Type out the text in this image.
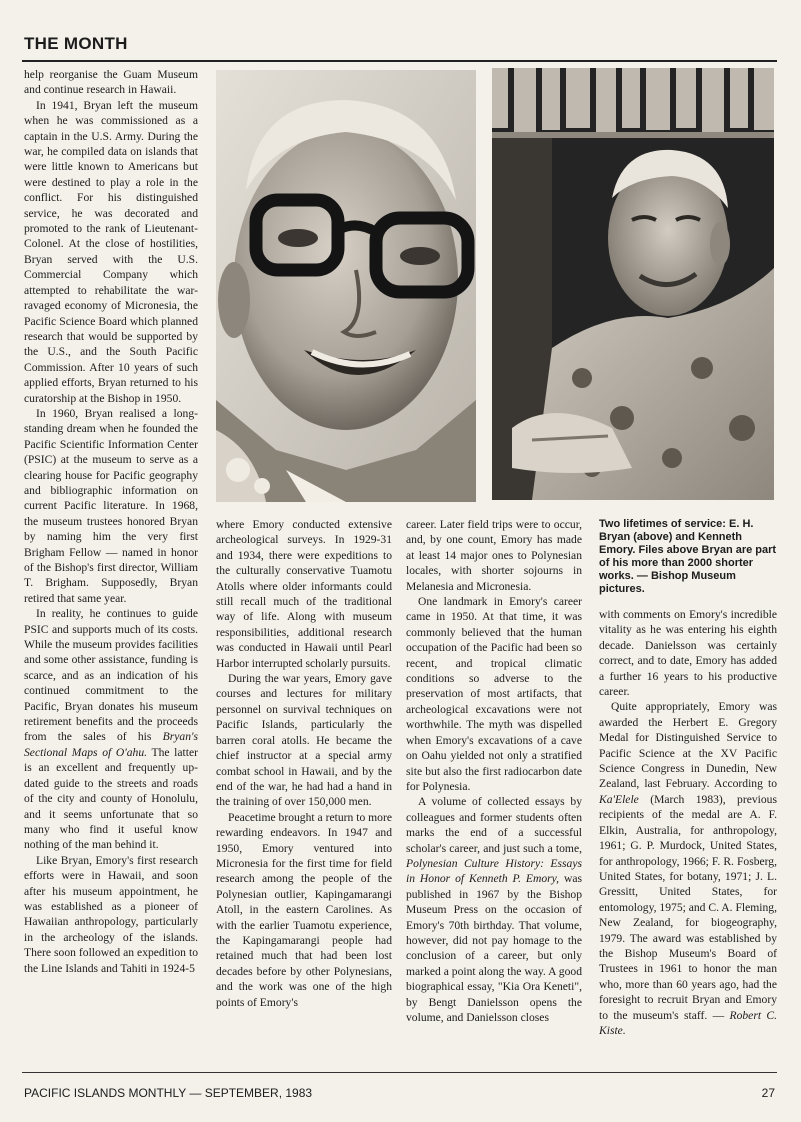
THE MONTH

help reorganise the Guam Museum and continue research in Hawaii.

In 1941, Bryan left the museum when he was commissioned as a captain in the U.S. Army. During the war, he compiled data on islands that were little known to Americans but were destined to play a role in the conflict. For his distinguished service, he was decorated and promoted to the rank of Lieutenant-Colonel. At the close of hostilities, Bryan served with the U.S. Commercial Company which attempted to rehabilitate the war-ravaged economy of Micronesia, the Pacific Science Board which planned research that would be supported by the U.S., and the South Pacific Commission. After 10 years of such applied efforts, Bryan returned to his curatorship at the Bishop in 1950.

In 1960, Bryan realised a long-standing dream when he founded the Pacific Scientific Information Center (PSIC) at the museum to serve as a clearing house for Pacific geography and bibliographic information on current Pacific literature. In 1968, the museum trustees honored Bryan by naming him the very first Brigham Fellow — named in honor of the Bishop's first director, William T. Brigham. Supposedly, Bryan retired that same year.

In reality, he continues to guide PSIC and supports much of its costs. While the museum provides facilities and some other assistance, funding is scarce, and as an indication of his continued commitment to the Pacific, Bryan donates his museum retirement benefits and the proceeds from the sales of his Bryan's Sectional Maps of O'ahu. The latter is an excellent and frequently up-dated guide to the streets and roads of the city and county of Honolulu, and it seems unfortunate that so many who find it useful know nothing of the man behind it.

Like Bryan, Emory's first research efforts were in Hawaii, and soon after his museum appointment, he was established as a pioneer of Hawaiian anthropology, particularly in the archeology of the islands. There soon followed an expedition to the Line Islands and Tahiti in 1924-5

where Emory conducted extensive archeological surveys. In 1929-31 and 1934, there were expeditions to the culturally conservative Tuamotu Atolls where older informants could still recall much of the traditional way of life. Along with museum responsibilities, additional research was conducted in Hawaii until Pearl Harbor interrupted scholarly pursuits.

During the war years, Emory gave courses and lectures for military personnel on survival techniques on Pacific Islands, particularly the barren coral atolls. He became the chief instructor at a special army combat school in Hawaii, and by the end of the war, he had had a hand in the training of over 150,000 men.

Peacetime brought a return to more rewarding endeavors. In 1947 and 1950, Emory ventured into Micronesia for the first time for field research among the people of the Polynesian outlier, Kapingamarangi Atoll, in the eastern Carolines. As with the earlier Tuamotu experience, the Kapingamarangi people had retained much that had been lost decades before by other Polynesians, and the work was one of the high points of Emory's

career. Later field trips were to occur, and, by one count, Emory has made at least 14 major ones to Polynesian locales, with shorter sojourns in Melanesia and Micronesia.

One landmark in Emory's career came in 1950. At that time, it was commonly believed that the human occupation of the Pacific had been so recent, and tropical climatic conditions so adverse to the preservation of most artifacts, that archeological excavations were not worthwhile. The myth was dispelled when Emory's excavations of a cave on Oahu yielded not only a stratified site but also the first radiocarbon date for Polynesia.

A volume of collected essays by colleagues and former students often marks the end of a successful scholar's career, and just such a tome, Polynesian Culture History: Essays in Honor of Kenneth P. Emory, was published in 1967 by the Bishop Museum Press on the occasion of Emory's 70th birthday. That volume, however, did not pay homage to the conclusion of a career, but only marked a point along the way. A good biographical essay, "Kia Ora Keneti", by Bengt Danielsson opens the volume, and Danielsson closes

Two lifetimes of service: E. H. Bryan (above) and Kenneth Emory. Files above Bryan are part of his more than 2000 shorter works. — Bishop Museum pictures.

with comments on Emory's incredible vitality as he was entering his eighth decade. Danielsson was certainly correct, and to date, Emory has added a further 16 years to his productive career.

Quite appropriately, Emory was awarded the Herbert E. Gregory Medal for Distinguished Service to Pacific Science at the XV Pacific Science Congress in Dunedin, New Zealand, last February. According to Ka'Elele (March 1983), previous recipients of the medal are A. F. Elkin, Australia, for anthropology, 1961; G. P. Murdock, United States, for anthropology, 1966; F. R. Fosberg, United States, for botany, 1971; J. L. Gressitt, United States, for entomology, 1975; and C. A. Fleming, New Zealand, for biogeography, 1979. The award was established by the Bishop Museum's Board of Trustees in 1961 to honor the man who, more than 60 years ago, had the foresight to recruit Bryan and Emory to the museum's staff. — Robert C. Kiste.

PACIFIC ISLANDS MONTHLY — SEPTEMBER, 1983	27
